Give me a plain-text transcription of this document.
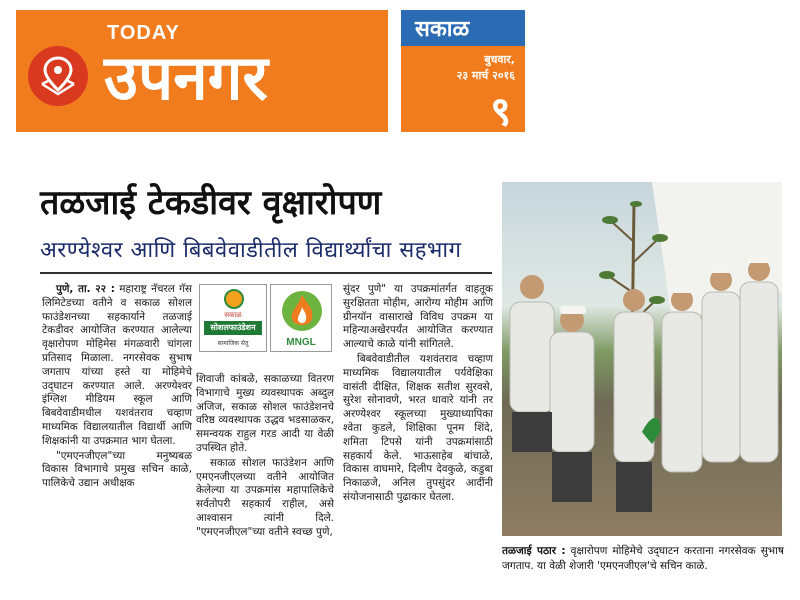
TODAY
उपनगर
सकाळ
बुधवार,
२३ मार्च २०१६
९
तळजाई टेकडीवर वृक्षारोपण
अरण्येश्वर आणि बिबवेवाडीतील विद्यार्थ्यांचा सहभाग

पुणे, ता. २२ : महाराष्ट्र नॅचरल गॅस लिमिटेडच्या वतीने व सकाळ सोशल फाउंडेशनच्या सहकार्याने तळजाई टेकडीवर आयोजित करण्यात आलेल्या वृक्षारोपण मोहिमेस मंगळवारी चांगला प्रतिसाद मिळाला. नगरसेवक सुभाष जगताप यांच्या हस्ते या मोहिमेचे उद्‍घाटन करण्यात आले. अरण्येश्वर इंग्लिश मीडियम स्कूल आणि बिबवेवाडीमधील यशवंतराव चव्हाण माध्यमिक विद्यालयातील विद्यार्थी आणि शिक्षकांनी या उपक्रमात भाग घेतला.

"एमएनजीएल"च्या मनुष्यबळ विकास विभागाचे प्रमुख सचिन काळे, पालिकेचे उद्यान अधीक्षक

सकाळ
सोशलफाउंडेशन
सामाजिक सेतू	MNGL

शिवाजी कांबळे, सकाळच्या वितरण विभागाचे मुख्य व्यवस्थापक अब्दुल अजिज, सकाळ सोशल फाउंडेशनचे वरिष्ठ व्यवस्थापक उद्धव भडसाळकर, समन्वयक राहुल गरड आदी या वेळी उपस्थित होते.

सकाळ सोशल फाउंडेशन आणि एमएनजीएलच्या वतीने आयोजित केलेल्या या उपक्रमांस महापालिकेचे सर्वतोपरी सहकार्य राहील, असे आश्वासन त्यांनी दिले. "एमएनजीएल"च्या वतीने स्वच्छ पुणे,

सुंदर पुणे" या उपक्रमांतर्गत वाहतूक सुरक्षितता मोहीम, आरोग्य मोहीम आणि ग्रीनयॉन वासाराखे विविध उपक्रम या महिन्याअखेरपर्यंत आयोजित करण्यात आल्याचे काळे यांनी सांगितले.

बिबवेवाडीतील यशवंतराव चव्हाण माध्यमिक विद्यालयातील पर्यवेक्षिका वासंती दीक्षित, शिक्षक सतीश सुरवसे, सुरेश सोनावणे, भरत धावारे यांनी तर अरण्येश्वर स्कूलच्या मुख्याध्यापिका श्‍वेता कुडले, शिक्षिका पूनम शिंदे, शमिता टिपसे यांनी उपक्रमांसाठी सहकार्य केले. भाऊसाहेब बांचाळे, विकास वाघमारे, दिलीप देवकुळे, कडुबा निकाळजे, अनिल तुपसुंदर आदींनी संयोजनासाठी पुढाकार घेतला.

तळजाई पठार : वृक्षारोपण मोहिमेचे उद्‍घाटन करताना नगरसेवक सुभाष जगताप. या वेळी शेजारी 'एमएनजीएल'चे सचिन काळे.
